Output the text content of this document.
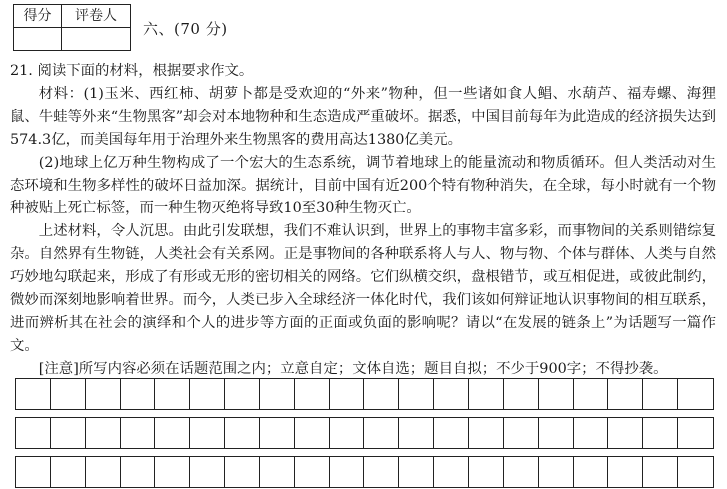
得分	评卷人

六、(70 分)

21. 阅读下面的材料，根据要求作文。

材料：(1)玉米、西红柿、胡萝卜都是受欢迎的“外来”物种，但一些诸如食人鲳、水葫芦、福寿螺、海狸鼠、牛蛙等外来“生物黑客”却会对本地物种和生态造成严重破坏。据悉，中国目前每年为此造成的经济损失达到574.3亿，而美国每年用于治理外来生物黑客的费用高达1380亿美元。

(2)地球上亿万种生物构成了一个宏大的生态系统，调节着地球上的能量流动和物质循环。但人类活动对生态环境和生物多样性的破坏日益加深。据统计，目前中国有近200个特有物种消失，在全球，每小时就有一个物种被贴上死亡标签，而一种生物灭绝将导致10至30种生物灭亡。

上述材料，令人沉思。由此引发联想，我们不难认识到，世界上的事物丰富多彩，而事物间的关系则错综复杂。自然界有生物链，人类社会有关系网。正是事物间的各种联系将人与人、物与物、个体与群体、人类与自然巧妙地勾联起来，形成了有形或无形的密切相关的网络。它们纵横交织，盘根错节，或互相促进，或彼此制约，微妙而深刻地影响着世界。而今，人类已步入全球经济一体化时代，我们该如何辩证地认识事物间的相互联系，进而辨析其在社会的演绎和个人的进步等方面的正面或负面的影响呢？请以“在发展的链条上”为话题写一篇作文。

[注意]所写内容必须在话题范围之内；立意自定；文体自选；题目自拟；不少于900字；不得抄袭。
